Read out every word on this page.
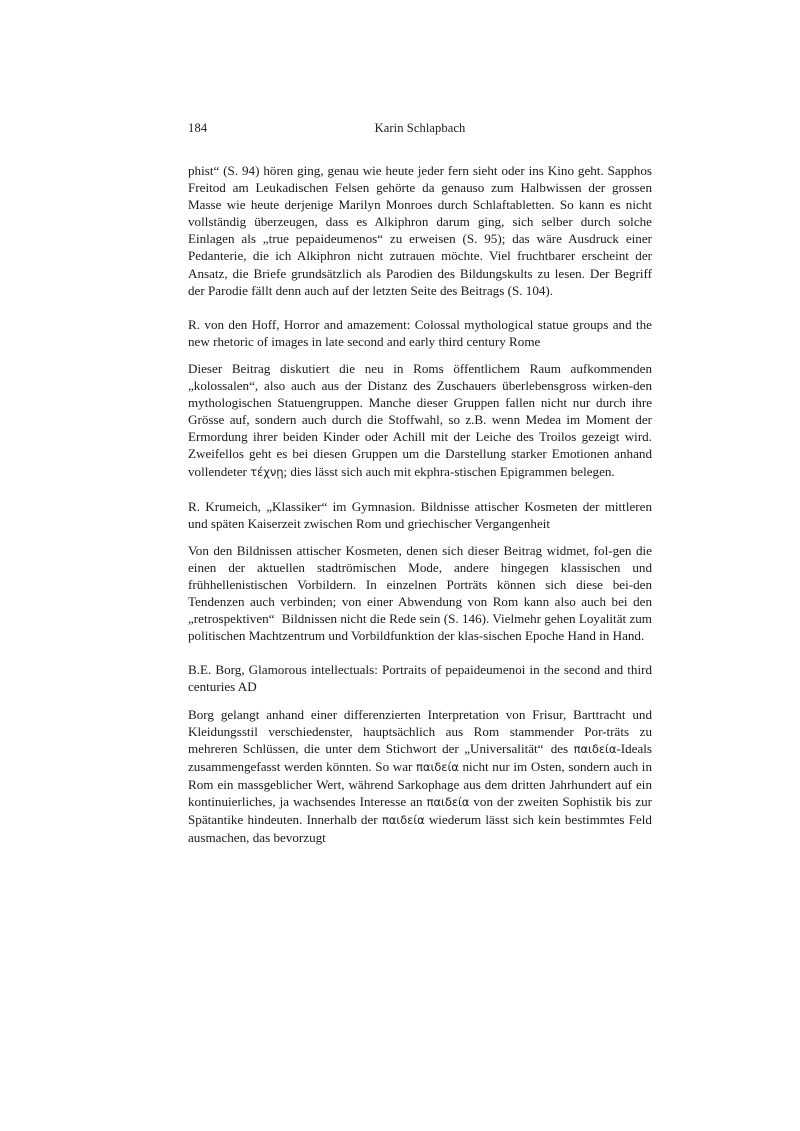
184	Karin Schlapbach

phist“ (S. 94) hören ging, genau wie heute jeder fern sieht oder ins Kino geht. Sapphos Freitod am Leukadischen Felsen gehörte da genauso zum Halbwissen der grossen Masse wie heute derjenige Marilyn Monroes durch Schlaftabletten. So kann es nicht vollständig überzeugen, dass es Alkiphron darum ging, sich selber durch solche Einlagen als „true pepaideumenos“ zu erweisen (S. 95); das wäre Ausdruck einer Pedanterie, die ich Alkiphron nicht zutrauen möchte. Viel fruchtbarer erscheint der Ansatz, die Briefe grundsätzlich als Parodien des Bildungskults zu lesen. Der Begriff der Parodie fällt denn auch auf der letzten Seite des Beitrags (S. 104).

R. von den Hoff, Horror and amazement: Colossal mythological statue groups and the new rhetoric of images in late second and early third century Rome

Dieser Beitrag diskutiert die neu in Roms öffentlichem Raum aufkommenden „kolossalen“, also auch aus der Distanz des Zuschauers überlebensgross wirken-den mythologischen Statuengruppen. Manche dieser Gruppen fallen nicht nur durch ihre Grösse auf, sondern auch durch die Stoffwahl, so z.B. wenn Medea im Moment der Ermordung ihrer beiden Kinder oder Achill mit der Leiche des Troilos gezeigt wird. Zweifellos geht es bei diesen Gruppen um die Darstellung starker Emotionen anhand vollendeter τέχνῃ; dies lässt sich auch mit ekphra-stischen Epigrammen belegen.

R. Krumeich, „Klassiker“ im Gymnasion. Bildnisse attischer Kosmeten der mittleren und späten Kaiserzeit zwischen Rom und griechischer Vergangenheit

Von den Bildnissen attischer Kosmeten, denen sich dieser Beitrag widmet, fol-gen die einen der aktuellen stadtrömischen Mode, andere hingegen klassischen und frühhellenistischen Vorbildern. In einzelnen Porträts können sich diese bei-den Tendenzen auch verbinden; von einer Abwendung von Rom kann also auch bei den „retrospektiven“ Bildnissen nicht die Rede sein (S. 146). Vielmehr gehen Loyalität zum politischen Machtzentrum und Vorbildfunktion der klas-sischen Epoche Hand in Hand.

B.E. Borg, Glamorous intellectuals: Portraits of pepaideumenoi in the second and third centuries AD

Borg gelangt anhand einer differenzierten Interpretation von Frisur, Barttracht und Kleidungsstil verschiedenster, hauptsächlich aus Rom stammender Por-träts zu mehreren Schlüssen, die unter dem Stichwort der „Universalität“ des παιδεία-Ideals zusammengefasst werden könnten. So war παιδεία nicht nur im Osten, sondern auch in Rom ein massgeblicher Wert, während Sarkophage aus dem dritten Jahrhundert auf ein kontinuierliches, ja wachsendes Interesse an παιδεία von der zweiten Sophistik bis zur Spätantike hindeuten. Innerhalb der παιδεία wiederum lässt sich kein bestimmtes Feld ausmachen, das bevorzugt
